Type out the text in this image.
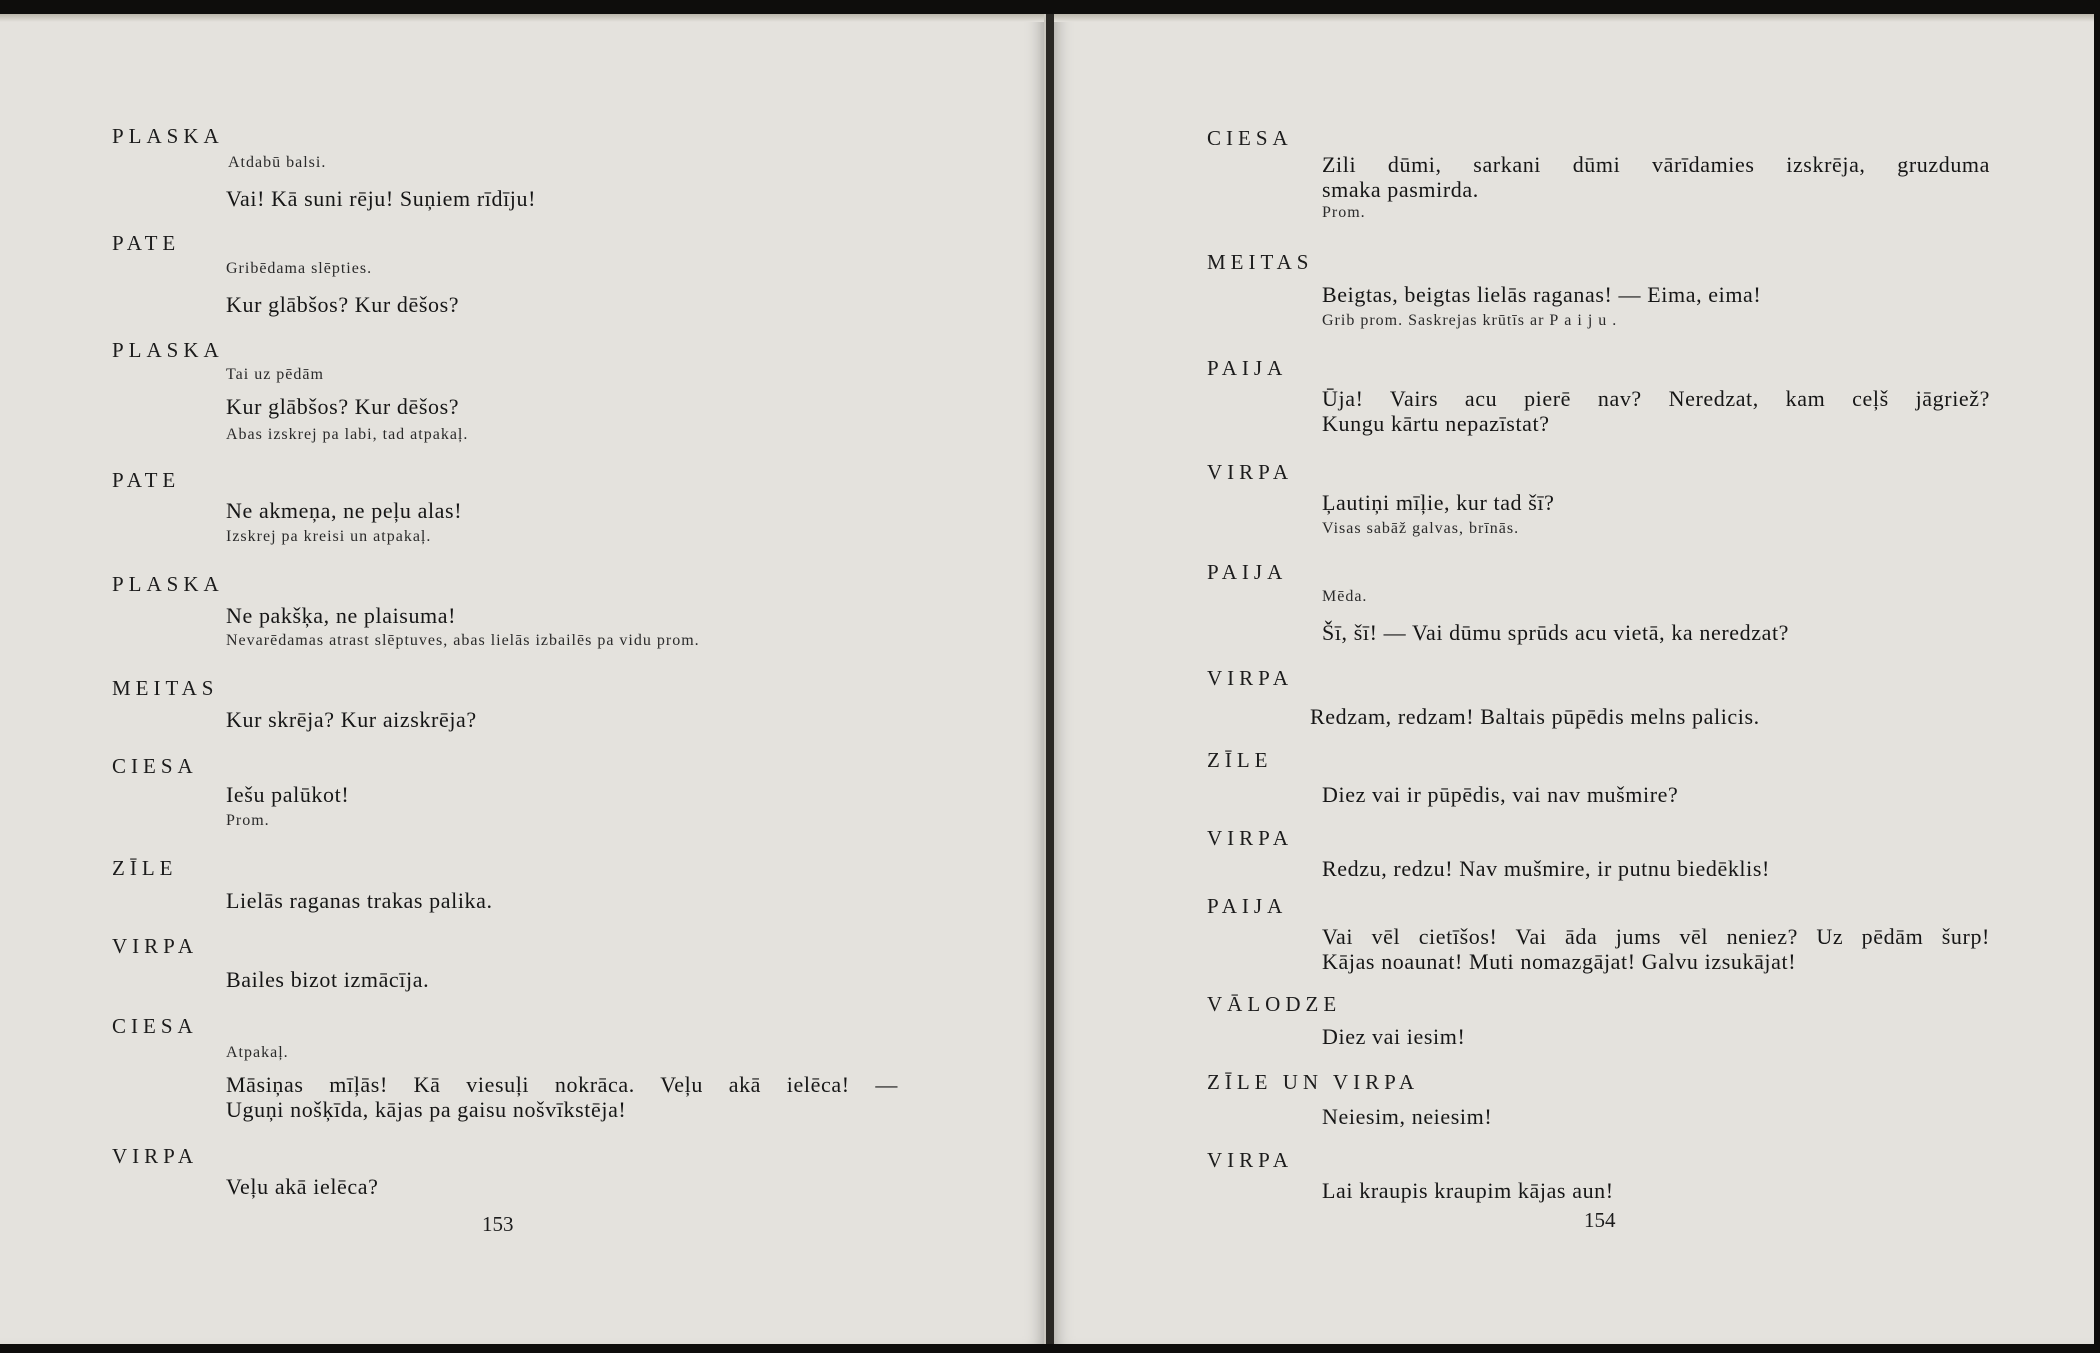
PLASKA
Atdabū balsi.
Vai! Kā suni rēju! Suņiem rīdīju!
PATE
Gribēdama slēpties.
Kur glābšos? Kur dēšos?
PLASKA
Tai uz pēdām
Kur glābšos? Kur dēšos?
Abas izskrej pa labi, tad atpakaļ.
PATE
Ne akmeņa, ne peļu alas!
Izskrej pa kreisi un atpakaļ.
PLASKA
Ne pakšķa, ne plaisuma!
Nevarēdamas atrast slēptuves, abas lielās izbailēs pa vidu prom.
MEITAS
Kur skrēja? Kur aizskrēja?
CIESA
Iešu palūkot!
Prom.
ZĪLE
Lielās raganas trakas palika.
VIRPA
Bailes bizot izmācīja.
CIESA
Atpakaļ.
Māsiņas mīļās! Kā viesuļi nokrāca. Veļu akā ielēca! —
Uguņi nošķīda, kājas pa gaisu nošvīkstēja!
VIRPA
Veļu akā ielēca?
153
CIESA
Zili dūmi, sarkani dūmi vārīdamies izskrēja, gruzduma
smaka pasmirda.
Prom.
MEITAS
Beigtas, beigtas lielās raganas! — Eima, eima!
Grib prom. Saskrejas krūtīs ar Paiju.
PAIJA
Ūja! Vairs acu pierē nav? Neredzat, kam ceļš jāgriež?
Kungu kārtu nepazīstat?
VIRPA
Ļautiņi mīļie, kur tad šī?
Visas sabāž galvas, brīnās.
PAIJA
Mēda.
Šī, šī! — Vai dūmu sprūds acu vietā, ka neredzat?
VIRPA
Redzam, redzam! Baltais pūpēdis melns palicis.
ZĪLE
Diez vai ir pūpēdis, vai nav mušmire?
VIRPA
Redzu, redzu! Nav mušmire, ir putnu biedēklis!
PAIJA
Vai vēl cietīšos! Vai āda jums vēl neniez? Uz pēdām šurp!
Kājas noaunat! Muti nomazgājat! Galvu izsukājat!
VĀLODZE
Diez vai iesim!
ZĪLE UN VIRPA
Neiesim, neiesim!
VIRPA
Lai kraupis kraupim kājas aun!
154
